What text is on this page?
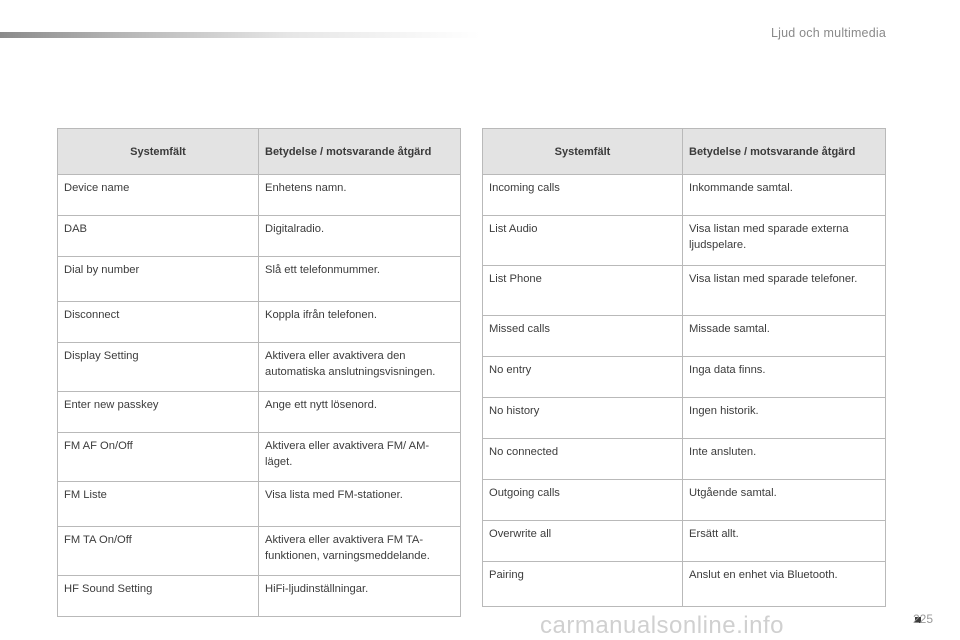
Ljud och multimedia
Systemfält	Betydelse / motsvarande åtgärd
Device name	Enhetens namn.
DAB	Digitalradio.
Dial by number	Slå ett telefonmummer.
Disconnect	Koppla ifrån telefonen.
Display Setting	Aktivera eller avaktivera den automatiska anslutningsvisningen.
Enter new passkey	Ange ett nytt lösenord.
FM AF On/Off	Aktivera eller avaktivera FM/ AM-läget.
FM Liste	Visa lista med FM-stationer.
FM TA On/Off	Aktivera eller avaktivera FM TA-funktionen, varningsmeddelande.
HF Sound Setting	HiFi-ljudinställningar.
Systemfält	Betydelse / motsvarande åtgärd
Incoming calls	Inkommande samtal.
List Audio	Visa listan med sparade externa ljudspelare.
List Phone	Visa listan med sparade telefoner.
Missed calls	Missade samtal.
No entry	Inga data finns.
No history	Ingen historik.
No connected	Inte ansluten.
Outgoing calls	Utgående samtal.
Overwrite all	Ersätt allt.
Pairing	Anslut en enhet via Bluetooth.
carmanualsonline.info	225
